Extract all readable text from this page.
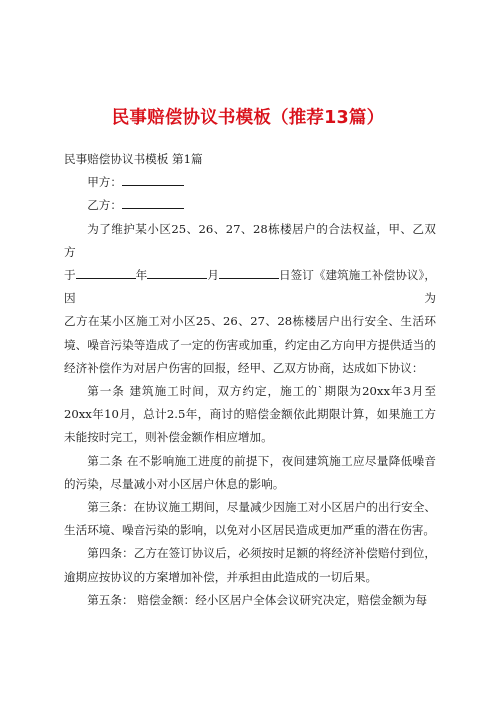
民事赔偿协议书模板（推荐13篇）

民事赔偿协议书模板 第1篇

甲方：

乙方：

为了维护某小区25、26、27、28栋楼居户的合法权益，甲、乙双方

于	年	月	日签订《建筑施工补偿协议》，因为

乙方在某小区施工对小区25、26、27、28栋楼居户出行安全、生活环境、噪音污染等造成了一定的伤害或加重，约定由乙方向甲方提供适当的经济补偿作为对居户伤害的回报，经甲、乙双方协商，达成如下协议：

第一条 建筑施工时间，双方约定，施工的`期限为20xx年3月至20xx年10月，总计2.5年，商讨的赔偿金额依此期限计算，如果施工方未能按时完工，则补偿金额作相应增加。

第二条 在不影响施工进度的前提下，夜间建筑施工应尽量降低噪音的污染，尽量减小对小区居户休息的影响。

第三条：在协议施工期间，尽量减少因施工对小区居户的出行安全、生活环境、噪音污染的影响，以免对小区居民造成更加严重的潜在伤害。

第四条：乙方在签订协议后，必须按时足额的将经济补偿赔付到位，逾期应按协议的方案增加补偿，并承担由此造成的一切后果。

第五条： 赔偿金额：经小区居户全体会议研究决定，赔偿金额为每
